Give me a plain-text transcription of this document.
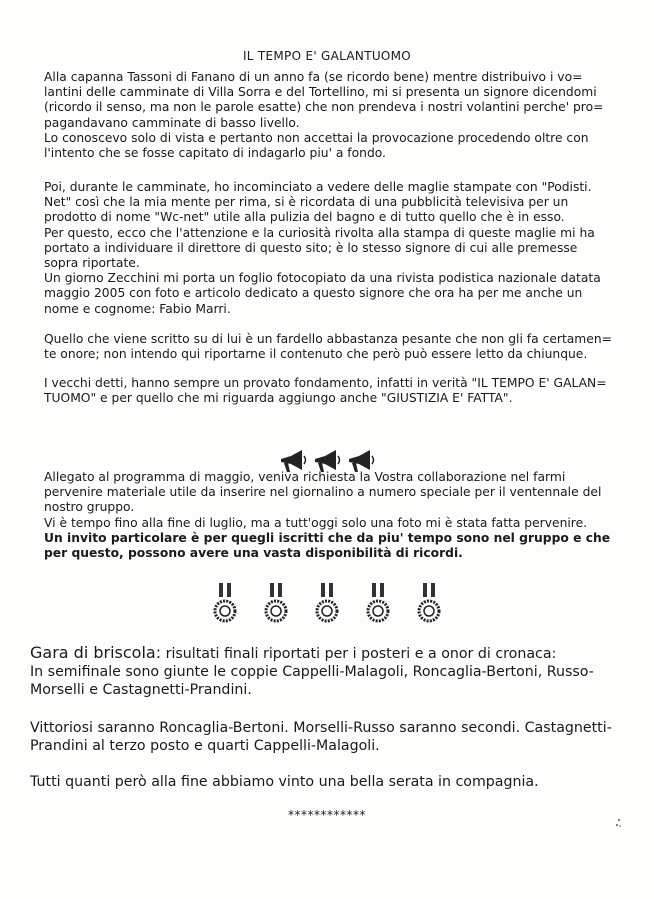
IL TEMPO E' GALANTUOMO

Alla capanna Tassoni di Fanano di un anno fa (se ricordo bene) mentre distribuivo i vo= lantini delle camminate di Villa Sorra e del Tortellino, mi si presenta un signore dicendomi (ricordo il senso, ma non le parole esatte) che non prendeva i nostri volantini perche' pro= pagandavano camminate di basso livello.

Lo conoscevo solo di vista e pertanto non accettai la provocazione procedendo oltre con l'intento che se fosse capitato di indagarlo piu' a fondo.

Poi, durante le camminate, ho incominciato a vedere delle maglie stampate con "Podisti. Net" così che la mia mente per rima, si è ricordata di una pubblicità televisiva per un prodotto di nome "Wc-net" utile alla pulizia del bagno e di tutto quello che è in esso.

Per questo, ecco che l'attenzione e la curiosità rivolta alla stampa di queste maglie mi ha portato a individuare il direttore di questo sito; è lo stesso signore di cui alle premesse sopra riportate.

Un giorno Zecchini mi porta un foglio fotocopiato da una rivista podistica nazionale datata maggio 2005 con foto e articolo dedicato a questo signore che ora ha per me anche un nome e cognome: Fabio Marri.

Quello che viene scritto su di lui è un fardello abbastanza pesante che non gli fa certamen= te onore; non intendo qui riportarne il contenuto che però può essere letto da chiunque.

I vecchi detti, hanno sempre un provato fondamento, infatti in verità "IL TEMPO E' GALAN= TUOMO" e per quello che mi riguarda aggiungo anche "GIUSTIZIA E' FATTA".

Allegato al programma di maggio, veniva richiesta la Vostra collaborazione nel farmi pervenire materiale utile da inserire nel giornalino a numero speciale per il ventennale del nostro gruppo.

Vi è tempo fino alla fine di luglio, ma a tutt'oggi solo una foto mi è stata fatta pervenire.

Un invito particolare è per quegli iscritti che da piu' tempo sono nel gruppo e che per questo, possono avere una vasta disponibilità di ricordi.

Gara di briscola: risultati finali riportati per i posteri e a onor di cronaca:

In semifinale sono giunte le coppie Cappelli-Malagoli, Roncaglia-Bertoni, Russo-Morselli e Castagnetti-Prandini.

Vittoriosi saranno Roncaglia-Bertoni. Morselli-Russo saranno secondi. Castagnetti-Prandini al terzo posto e quarti Cappelli-Malagoli.

Tutti quanti però alla fine abbiamo vinto una bella serata in compagnia.

************
